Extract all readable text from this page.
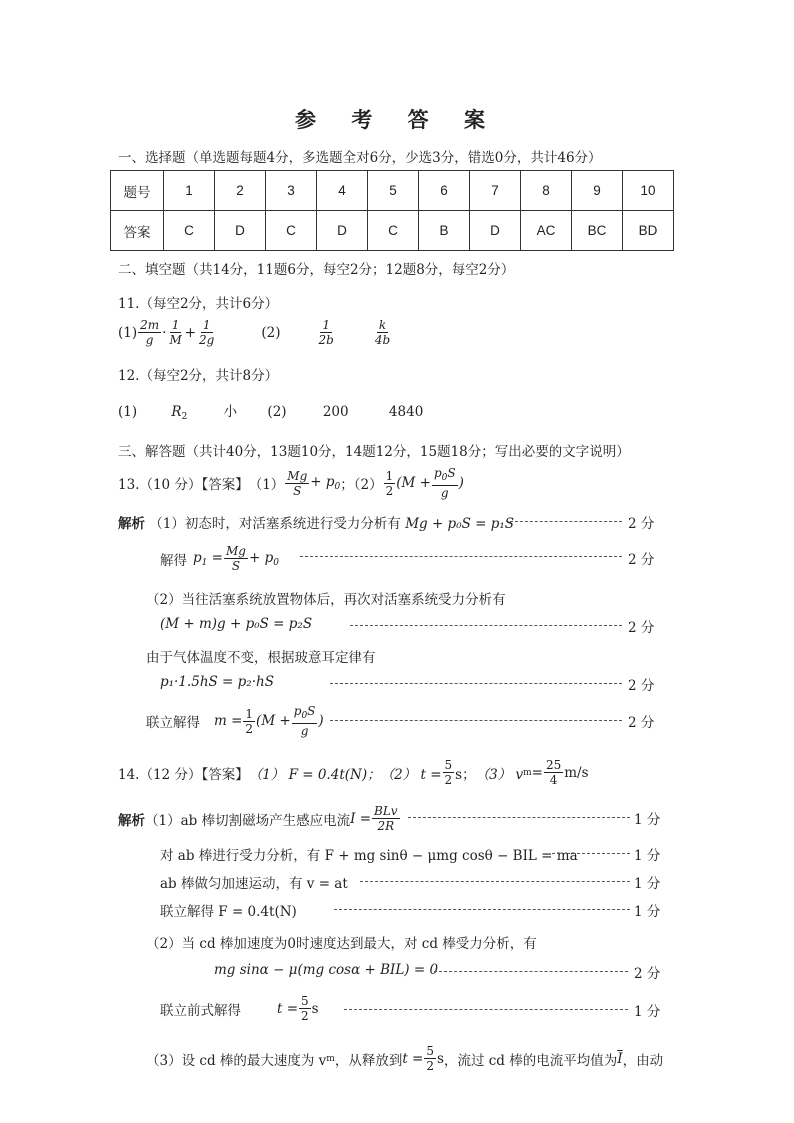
参 考 答 案
一、选择题（单选题每题4分，多选题全对6分，少选3分，错选0分，共计46分）
题号	1	2	3	4	5	6	7	8	9	10
答案	C	D	C	D	C	B	D	AC	BC	BD
二、填空题（共14分，11题6分，每空2分；12题8分，每空2分）
11.（每空2分，共计6分）
$(1) \frac{2m}{g} \cdot \frac{1}{M} + \frac{1}{2g}$	(2)	$\frac{1}{2b}$	$\frac{k}{4b}$
12.（每空2分，共计8分）
(1)	$R_2$	小 (2)	200	4840
三、解答题（共计40分，13题10分，14题12分，15题18分；写出必要的文字说明）
13.（10 分）【答案】 $(1) \frac{Mg}{S} + p_0$ ；$(2) \frac{1}{2} (M + \frac{p_0S}{g}$ )
解析 （1）初态时，对活塞系统进行受力分析有 Mg + p₀S = p₁S	2 分
解得 $p_1 = \frac{Mg}{S} + p_0$	2 分
（2）当往活塞系统放置物体后，再次对活塞系统受力分析有
(M + m)g + p₀S = p₂S	2 分
由于气体温度不变，根据玻意耳定律有
p₁·1.5hS = p₂·hS	2 分
联立解得 $m = \frac{1}{2} (M + \frac{p_0S}{g}$ )	2 分
14.（12 分）【答案】 （1） F = 0.4t(N)； （2） $t = \frac{5}{2}$ s； （3） v $m = \frac{25}{4} m/s$
解析 （1）ab 棒切割磁场产生感应电流 $I = \frac{\text{BLv}}{2R}$	1 分
对 ab 棒进行受力分析，有 F + mg sinθ − μmg cosθ − BIL = ma	1 分
ab 棒做匀加速运动，有 v = at	1 分
联立解得 F = 0.4t(N)	1 分
（2）当 cd 棒加速度为0时速度达到最大，对 cd 棒受力分析，有
mg sinα − μ(mg cosα + BIL) = 0	2 分
联立前式解得	$t = \frac{5}{2}$ s	1 分
（3）设 cd 棒的最大速度为 v m ，从释放到 $t = \frac{5}{2}$ s ，流过 cd 棒的电流平均值为 $\overline{I}$ ，由动
